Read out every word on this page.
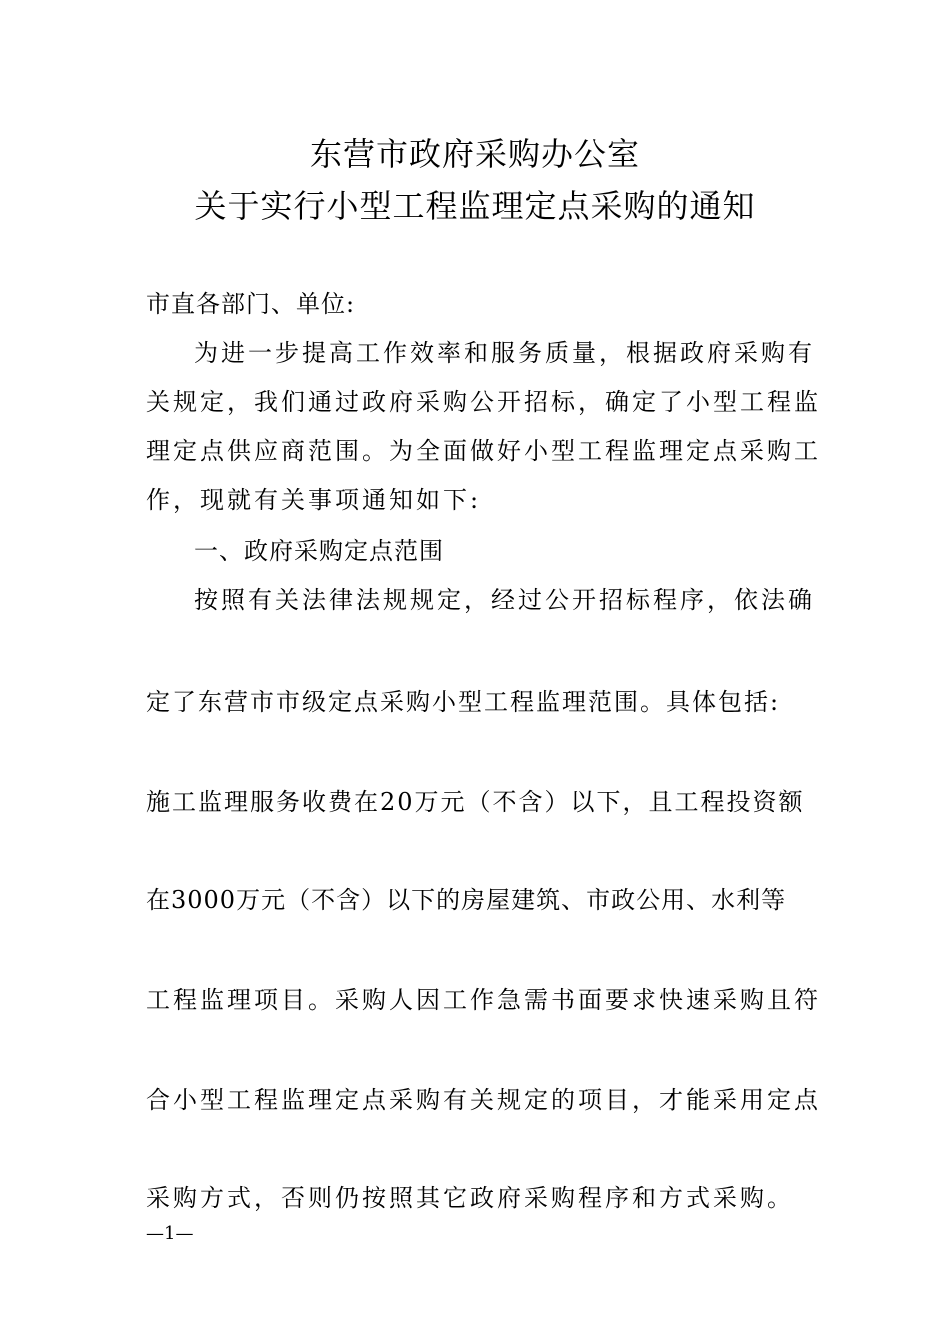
东营市政府采购办公室
关于实行小型工程监理定点采购的通知
市直各部门、单位:
为进一步提高工作效率和服务质量，根据政府采购有
关规定，我们通过政府采购公开招标，确定了小型工程监
理定点供应商范围。为全面做好小型工程监理定点采购工
作，现就有关事项通知如下:
一、政府采购定点范围
按照有关法律法规规定，经过公开招标程序，依法确
定了东营市市级定点采购小型工程监理范围。具体包括:
施工监理服务收费在20万元（不含）以下，且工程投资额
在3000万元（不含）以下的房屋建筑、市政公用、水利等
工程监理项目。采购人因工作急需书面要求快速采购且符
合小型工程监理定点采购有关规定的项目，才能采用定点
采购方式，否则仍按照其它政府采购程序和方式采购。
—1—
